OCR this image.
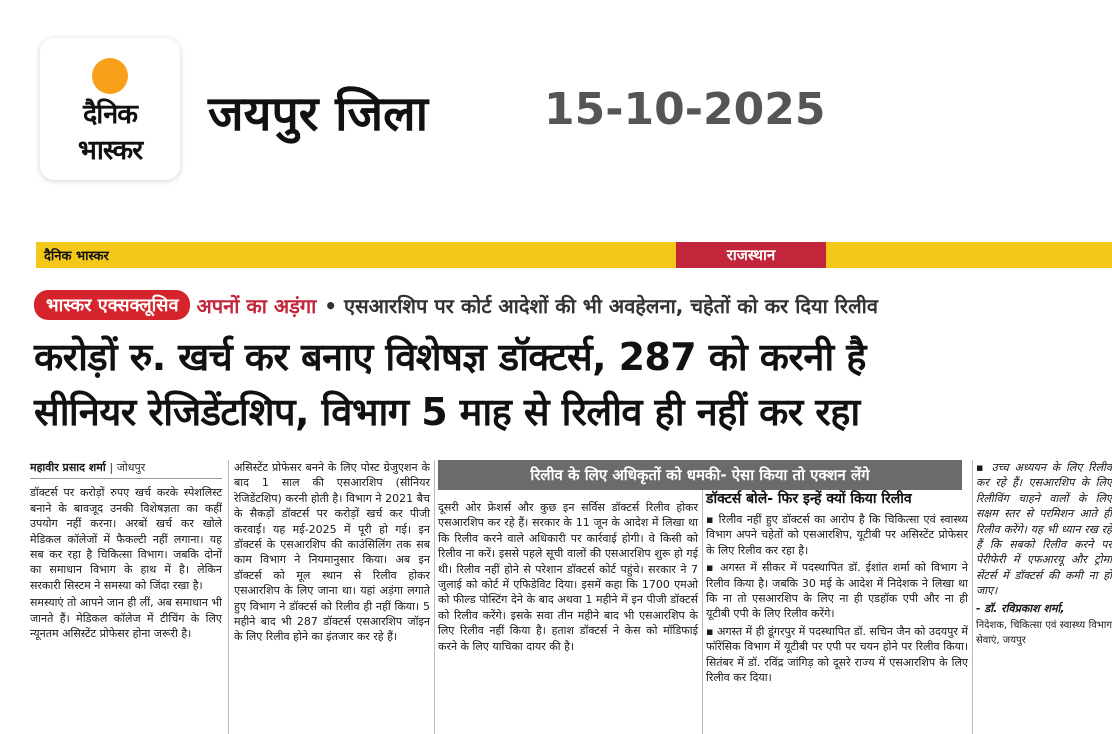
दैनिक
भास्कर
जयपुर जिला	15-10-2025
दैनिक भास्कर	राजस्थान
भास्कर एक्सक्लूसिव अपनों का अड़ंगा • एसआरशिप पर कोर्ट आदेशों की भी अवहेलना, चहेतों को कर दिया रिलीव
करोड़ों रु. खर्च कर बनाए विशेषज्ञ डॉक्टर्स, 287 को करनी है
सीनियर रेजिडेंटशिप, विभाग 5 माह से रिलीव ही नहीं कर रहा
महावीर प्रसाद शर्मा | जोधपुर

डॉक्टर्स पर करोड़ों रुपए खर्च करके स्पेशलिस्ट बनाने के बावजूद उनकी विशेषज्ञता का कहीं उपयोग नहीं करना। अरबों खर्च कर खोले मेडिकल कॉलेजों में फैकल्टी नहीं लगाना। यह सब कर रहा है चिकित्सा विभाग। जबकि दोनों का समाधान विभाग के हाथ में है। लेकिन सरकारी सिस्टम ने समस्या को जिंदा रखा है।

समस्याएं तो आपने जान ही लीं, अब समाधान भी जानते हैं। मेडिकल कॉलेज में टीचिंग के लिए न्यूनतम असिस्टेंट प्रोफेसर होना जरूरी है।

असिस्टेंट प्रोफेसर बनने के लिए पोस्ट ग्रेजुएशन के बाद 1 साल की एसआरशिप (सीनियर रेजिडेंटशिप) करनी होती है। विभाग ने 2021 बैच के सैकड़ों डॉक्टर्स पर करोड़ों खर्च कर पीजी करवाई। यह मई-2025 में पूरी हो गई। इन डॉक्टर्स के एसआरशिप की काउंसिलिंग तक सब काम विभाग ने नियमानुसार किया। अब इन डॉक्टर्स को मूल स्थान से रिलीव होकर एसआरशिप के लिए जाना था। यहां अड़ंगा लगाते हुए विभाग ने डॉक्टर्स को रिलीव ही नहीं किया। 5 महीने बाद भी 287 डॉक्टर्स एसआरशिप जॉइन के लिए रिलीव होने का इंतजार कर रहे हैं।

रिलीव के लिए अधिकृतों को धमकी- ऐसा किया तो एक्शन लेंगे

दूसरी ओर फ्रेशर्स और कुछ इन सर्विस डॉक्टर्स रिलीव होकर एसआरशिप कर रहे हैं। सरकार के 11 जून के आदेश में लिखा था कि रिलीव करने वाले अधिकारी पर कार्रवाई होगी। वे किसी को रिलीव ना करें। इससे पहले सूची वालों की एसआरशिप शुरू हो गई थी। रिलीव नहीं होने से परेशान डॉक्टर्स कोर्ट पहुंचे। सरकार ने 7 जुलाई को कोर्ट में एफिडेविट दिया। इसमें कहा कि 1700 एमओ को फील्ड पोस्टिंग देने के बाद अथवा 1 महीने में इन पीजी डॉक्टर्स को रिलीव करेंगे। इसके सवा तीन महीने बाद भी एसआरशिप के लिए रिलीव नहीं किया है। हताश डॉक्टर्स ने केस को मॉडिफाई करने के लिए याचिका दायर की है।

डॉक्टर्स बोले- फिर इन्हें क्यों किया रिलीव

▪ रिलीव नहीं हुए डॉक्टर्स का आरोप है कि चिकित्सा एवं स्वास्थ्य विभाग अपने चहेतों को एसआरशिप, यूटीबी पर असिस्टेंट प्रोफेसर के लिए रिलीव कर रहा है।

▪ अगस्त में सीकर में पदस्थापित डॉ. ईशांत शर्मा को विभाग ने रिलीव किया है। जबकि 30 मई के आदेश में निदेशक ने लिखा था कि ना तो एसआरशिप के लिए ना ही एडहॉक एपी और ना ही यूटीबी एपी के लिए रिलीव करेंगे।

▪ अगस्त में ही डूंगरपुर में पदस्थापित डॉ. सचिन जैन को उदयपुर में फॉरेंसिक विभाग में यूटीबी पर एपी पर चयन होने पर रिलीव किया। सितंबर में डॉ. रविंद्र जांगिड़ को दूसरे राज्य में एसआरशिप के लिए रिलीव कर दिया।

▪ उच्च अध्ययन के लिए रिलीव कर रहे हैं। एसआरशिप के लिए रिलीविंग चाहने वालों के लिए सक्षम स्तर से परमिशन आते ही रिलीव करेंगे। यह भी ध्यान रख रहे हैं कि सबको रिलीव करने पर पेरीफेरी में एफआरयू और ट्रोमा सेंटर्स में डॉक्टर्स की कमी ना हो जाए।

- डॉ. रविप्रकाश शर्मा,

निदेशक, चिकित्सा एवं स्वास्थ्य विभाग सेवाएं, जयपुर
